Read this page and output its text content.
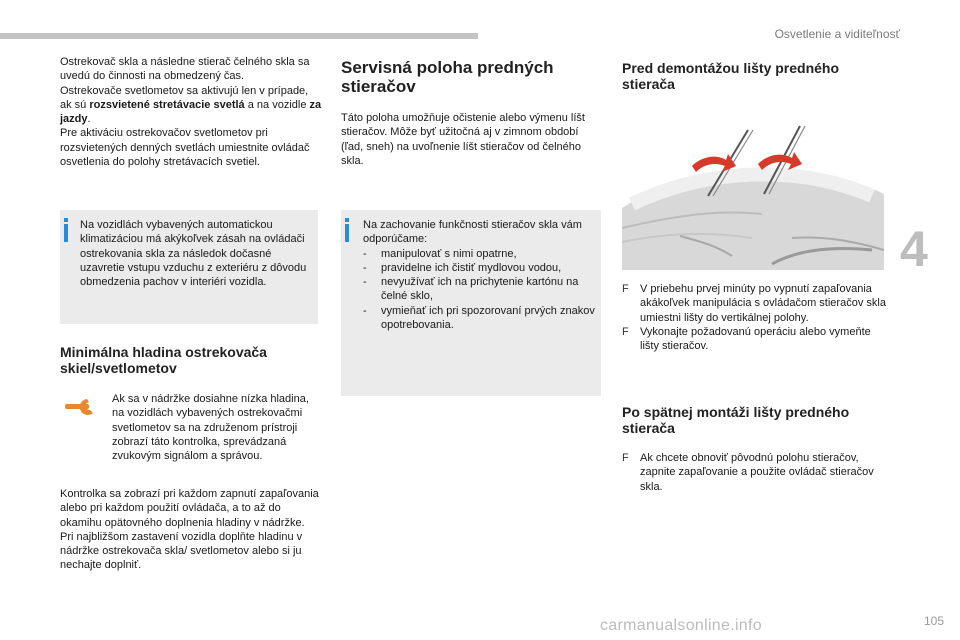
Osvetlenie a viditeľnosť
4
105
carmanualsonline.info

Ostrekovač skla a následne stierač čelného skla sa uvedú do činnosti na obmedzený čas.

Ostrekovače svetlometov sa aktivujú len v prípade, ak sú rozsvietené stretávacie svetlá a na vozidle za jazdy.

Pre aktiváciu ostrekovačov svetlometov pri rozsvietených denných svetlách umiestnite ovládač osvetlenia do polohy stretávacích svetiel.

Na vozidlách vybavených automatickou klimatizáciou má akýkoľvek zásah na ovládači ostrekovania skla za následok dočasné uzavretie vstupu vzduchu z exteriéru z dôvodu obmedzenia pachov v interiéri vozidla.
Minimálna hladina ostrekovača skiel/svetlometov
Ak sa v nádržke dosiahne nízka hladina, na vozidlách vybavených ostrekovačmi svetlometov sa na združenom prístroji zobrazí táto kontrolka, sprevádzaná zvukovým signálom a správou.

Kontrolka sa zobrazí pri každom zapnutí zapaľovania alebo pri každom použití ovládača, a to až do okamihu opätovného doplnenia hladiny v nádržke.

Pri najbližšom zastavení vozidla doplňte hladinu v nádržke ostrekovača skla/ svetlometov alebo si ju nechajte doplniť.

Servisná poloha predných stieračov
Táto poloha umožňuje očistenie alebo výmenu líšt stieračov. Môže byť užitočná aj v zimnom období (ľad, sneh) na uvoľnenie líšt stieračov od čelného skla.

Na zachovanie funkčnosti stieračov skla vám odporúčame:

- manipulovať s nimi opatrne,
- pravidelne ich čistiť mydlovou vodou,
- nevyužívať ich na prichytenie kartónu na čelné sklo,
- vymieňať ich pri spozorovaní prvých znakov opotrebovania.
Pred demontážou lišty predného stierača
F V priebehu prvej minúty po vypnutí zapaľovania akákoľvek manipulácia s ovládačom stieračov skla umiestni lišty do vertikálnej polohy.
F Vykonajte požadovanú operáciu alebo vymeňte lišty stieračov.
Po spätnej montáži lišty predného stierača
F Ak chcete obnoviť pôvodnú polohu stieračov, zapnite zapaľovanie a použite ovládač stieračov skla.
